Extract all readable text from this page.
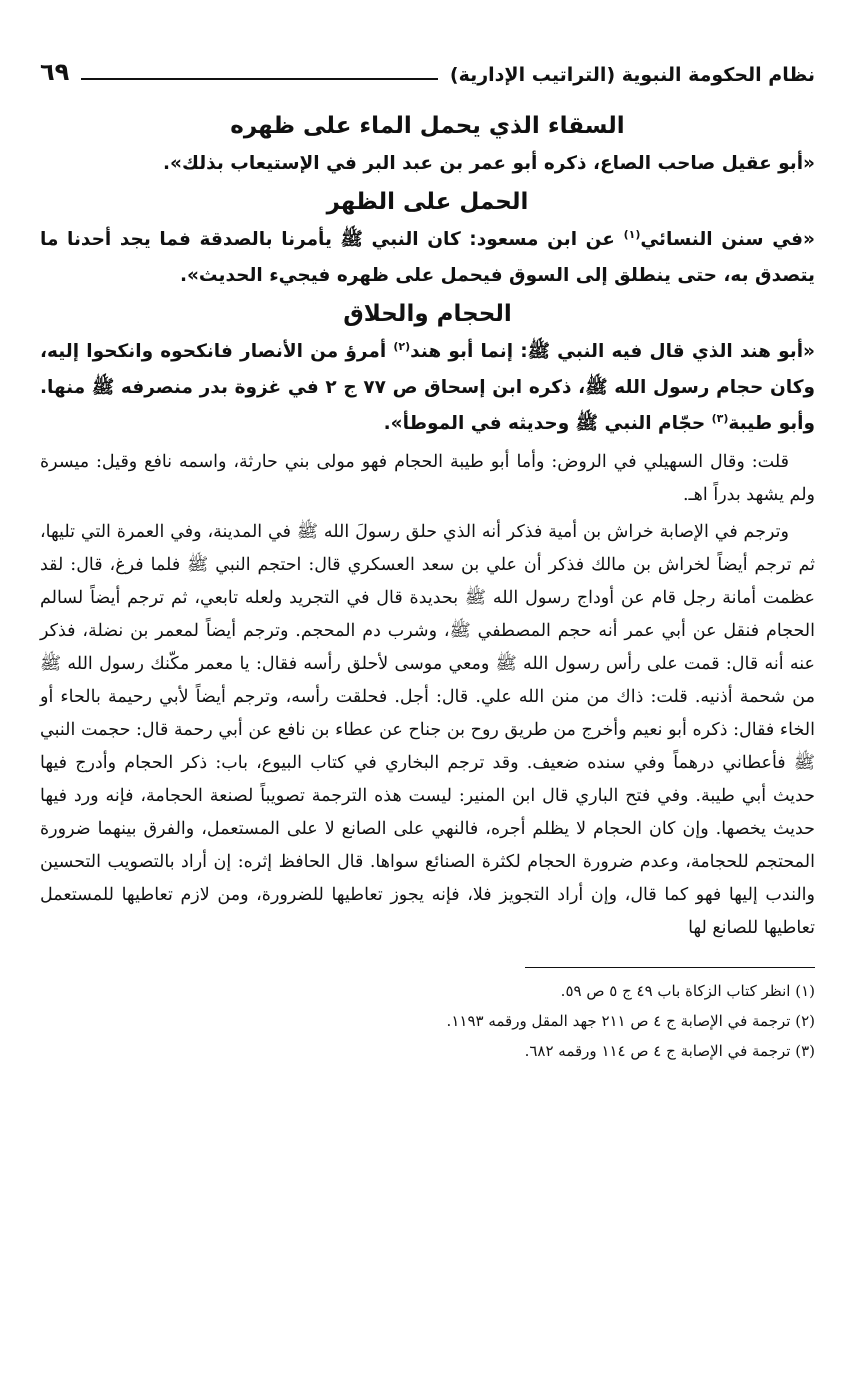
نظام الحكومة النبوية (التراتيب الإدارية)
٦٩
السقاء الذي يحمل الماء على ظهره

«أبو عقيل صاحب الصاع، ذكره أبو عمر بن عبد البر في الإستيعاب بذلك».

الحمل على الظهر

«في سنن النسائي$^{(١)}$ عن ابن مسعود: كان النبي ﷺ يأمرنا بالصدقة فما يجد أحدنا ما يتصدق به، حتى ينطلق إلى السوق فيحمل على ظهره فيجيء الحديث».

الحجام والحلاق

«أبو هند الذي قال فيه النبي ﷺ: إنما أبو هند$^{(٢)}$ أمرؤ من الأنصار فانكحوه وانكحوا إليه، وكان حجام رسول الله ﷺ، ذكره ابن إسحاق ص ٧٧ ج ٢ في غزوة بدر منصرفه ﷺ منها. وأبو طيبة$^{(٣)}$ حجّام النبي ﷺ وحديثه في الموطأ».

قلت: وقال السهيلي في الروض: وأما أبو طيبة الحجام فهو مولى بني حارثة، واسمه نافع وقيل: ميسرة ولم يشهد بدراً اهـ.

وترجم في الإصابة خراش بن أمية فذكر أنه الذي حلق رسولَ الله ﷺ في المدينة، وفي العمرة التي تليها، ثم ترجم أيضاً لخراش بن مالك فذكر أن علي بن سعد العسكري قال: احتجم النبي ﷺ فلما فرغ، قال: لقد عظمت أمانة رجل قام عن أوداج رسول الله ﷺ بحديدة قال في التجريد ولعله تابعي، ثم ترجم أيضاً لسالم الحجام فنقل عن أبي عمر أنه حجم المصطفي ﷺ، وشرب دم المحجم. وترجم أيضاً لمعمر بن نضلة، فذكر عنه أنه قال: قمت على رأس رسول الله ﷺ ومعي موسى لأحلق رأسه فقال: يا معمر مكّنك رسول الله ﷺ من شحمة أذنيه. قلت: ذاك من منن الله علي. قال: أجل. فحلقت رأسه، وترجم أيضاً لأبي رحيمة بالحاء أو الخاء فقال: ذكره أبو نعيم وأخرج من طريق روح بن جناح عن عطاء بن نافع عن أبي رحمة قال: حجمت النبي ﷺ فأعطاني درهماً وفي سنده ضعيف. وقد ترجم البخاري في كتاب البيوع، باب: ذكر الحجام وأدرج فيها حديث أبي طيبة. وفي فتح الباري قال ابن المنير: ليست هذه الترجمة تصويباً لصنعة الحجامة، فإنه ورد فيها حديث يخصها. وإن كان الحجام لا يظلم أجره، فالنهي على الصانع لا على المستعمل، والفرق بينهما ضرورة المحتجم للحجامة، وعدم ضرورة الحجام لكثرة الصنائع سواها. قال الحافظ إثره: إن أراد بالتصويب التحسين والندب إليها فهو كما قال، وإن أراد التجويز فلا، فإنه يجوز تعاطيها للضرورة، ومن لازم تعاطيها للمستعمل تعاطيها للصانع لها

(١) انظر كتاب الزكاة باب ٤٩ ج ٥ ص ٥٩.

(٢) ترجمة في الإصابة ج ٤ ص ٢١١ جهد المقل ورقمه ١١٩٣.

(٣) ترجمة في الإصابة ج ٤ ص ١١٤ ورقمه ٦٨٢.
